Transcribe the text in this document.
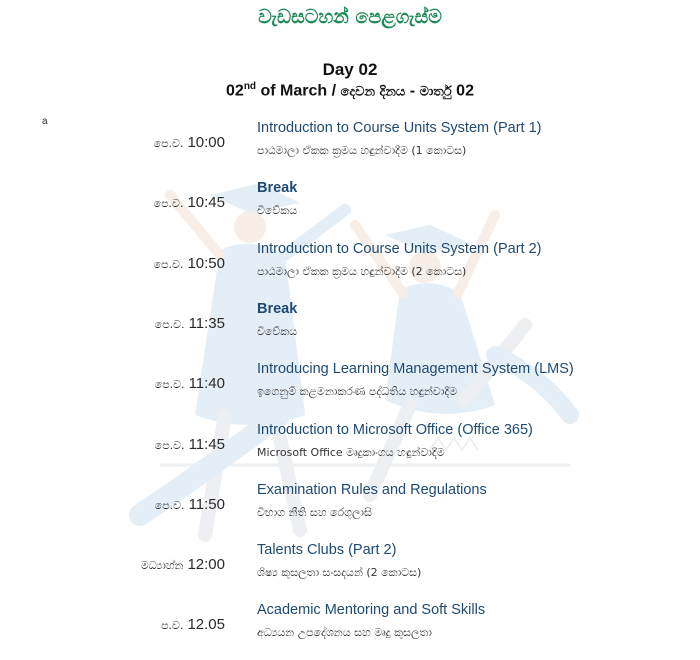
වැඩසටහන් පෙළගැස්ම
Day 02
02nd of March / දෙවන දිනය - මාර්තු 02
a
පෙ.ව. 10:00
Introduction to Course Units System (Part 1)
පාඨමාලා ඒකක ක්‍රමය හඳුන්වාදීම (1 කොටස)
පෙ.ව. 10:45
Break
විවේකය
පෙ.ව. 10:50
Introduction to Course Units System (Part 2)
පාඨමාලා ඒකක ක්‍රමය හඳුන්වාදීම (2 කොටස)
පෙ.ව. 11:35
Break
විවේකය
පෙ.ව. 11:40
Introducing Learning Management System (LMS)
ඉගෙනුම් කළමනාකරණ පද්ධතිය හඳුන්වාදීම
පෙ.ව. 11:45
Introduction to Microsoft Office (Office 365)
Microsoft Office මෘදුකාංගය හඳුන්වාදීම
පෙ.ව. 11:50
Examination Rules and Regulations
විභාග නීති සහ රෙගුලාසි
මධ්‍යාහ්න 12:00
Talents Clubs (Part 2)
ශිෂ්‍ය කුසලතා සංසදයන් (2 කොටස)
ප.ව. 12.05
Academic Mentoring and Soft Skills
අධ්‍යයන උපදේශනය සහ මෘදු කුසලතා
